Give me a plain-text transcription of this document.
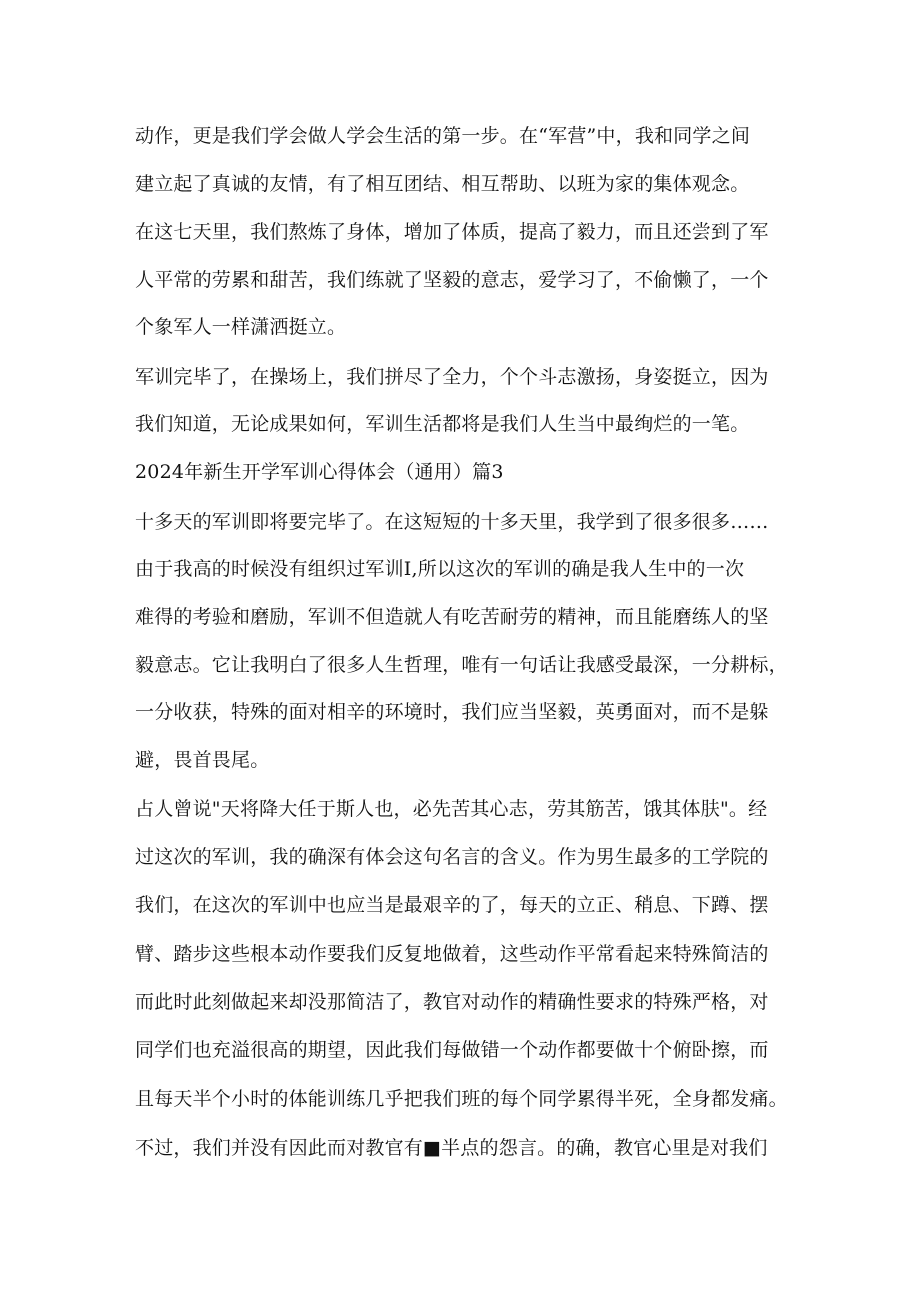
动作，更是我们学会做人学会生活的第一步。在“军营”中，我和同学之间
建立起了真诚的友情，有了相互团结、相互帮助、以班为家的集体观念。
在这七天里，我们熬炼了身体，增加了体质，提高了毅力，而且还尝到了军
人平常的劳累和甜苦，我们练就了坚毅的意志，爱学习了，不偷懒了，一个
个象军人一样潇洒挺立。
军训完毕了，在操场上，我们拼尽了全力，个个斗志激扬，身姿挺立，因为
我们知道，无论成果如何，军训生活都将是我们人生当中最绚烂的一笔。
2024年新生开学军训心得体会（通用）篇3
十多天的军训即将要完毕了。在这短短的十多天里，我学到了很多很多……
由于我高的时候没有组织过军训I,所以这次的军训的确是我人生中的一次
难得的考验和磨励，军训不但造就人有吃苦耐劳的精神，而且能磨练人的坚
毅意志。它让我明白了很多人生哲理，唯有一句话让我感受最深，一分耕标，
一分收获，特殊的面对相辛的环境时，我们应当坚毅，英勇面对，而不是躲
避，畏首畏尾。
占人曾说"天将降大任于斯人也，必先苦其心志，劳其筋苦，饿其体肤"。经
过这次的军训，我的确深有体会这句名言的含义。作为男生最多的工学院的
我们，在这次的军训中也应当是最艰辛的了，每天的立正、稍息、下蹲、摆
臂、踏步这些根本动作要我们反复地做着，这些动作平常看起来特殊简洁的
而此时此刻做起来却没那简洁了，教官对动作的精确性要求的特殊严格，对
同学们也充溢很高的期望，因此我们每做错一个动作都要做十个俯卧擦，而
且每天半个小时的体能训练几乎把我们班的每个同学累得半死，全身都发痛。
不过，我们并没有因此而对教官有■半点的怨言。的确，教官心里是对我们
